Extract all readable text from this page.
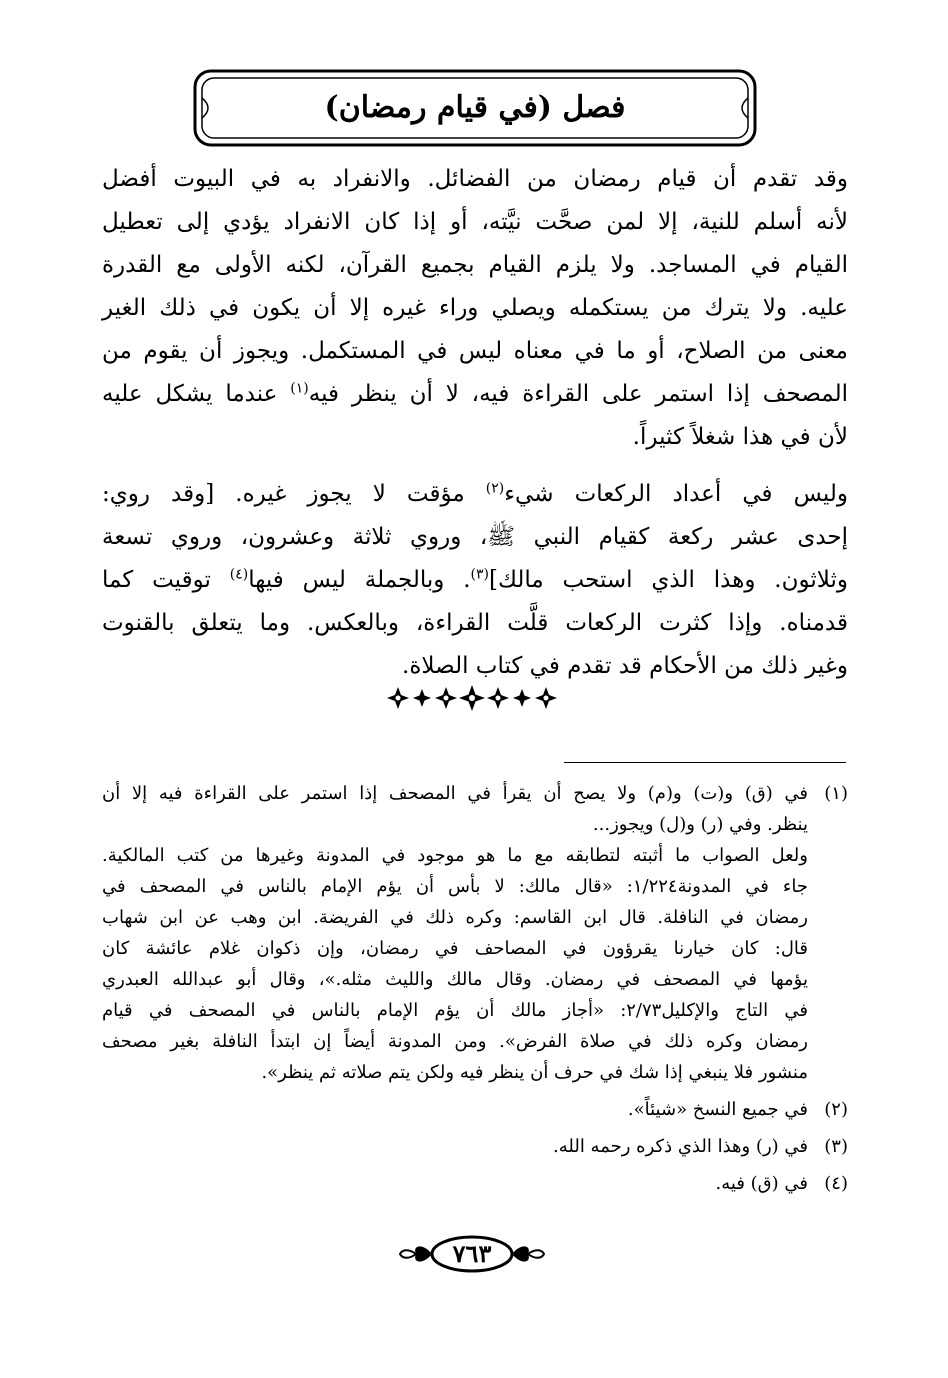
فصل (في قيام رمضان)

وقد تقدم أن قيام رمضان من الفضائل. والانفراد به في البيوت أفضل
لأنه أسلم للنية، إلا لمن صحَّت نيَّته، أو إذا كان الانفراد يؤدي إلى تعطيل
القيام في المساجد. ولا يلزم القيام بجميع القرآن، لكنه الأولى مع القدرة
عليه. ولا يترك من يستكمله ويصلي وراء غيره إلا أن يكون في ذلك الغير
معنى من الصلاح، أو ما في معناه ليس في المستكمل. ويجوز أن يقوم من
المصحف إذا استمر على القراءة فيه، لا أن ينظر فيه$^{(١)}$ عندما يشكل عليه
لأن في هذا شغلاً كثيراً.

وليس في أعداد الركعات شيء$^{(٢)}$ مؤقت لا يجوز غيره. [وقد روي:
إحدى عشر ركعة كقيام النبي ﷺ، وروي ثلاثة وعشرون، وروي تسعة
وثلاثون. وهذا الذي استحب مالك]$^{(٣)}$. وبالجملة ليس فيها$^{(٤)}$ توقيت كما
قدمناه. وإذا كثرت الركعات قلَّت القراءة، وبالعكس. وما يتعلق بالقنوت
وغير ذلك من الأحكام قد تقدم في كتاب الصلاة.

(١)
في (ق) و(ت) و(م) ولا يصح أن يقرأ في المصحف إذا استمر على القراءة فيه إلا أن
ينظر. وفي (ر) و(ل) ويجوز...
ولعل الصواب ما أثبته لتطابقه مع ما هو موجود في المدونة وغيرها من كتب المالكية.
جاء في المدونة١/٢٢٤: «قال مالك: لا بأس أن يؤم الإمام بالناس في المصحف في
رمضان في النافلة. قال ابن القاسم: وكره ذلك في الفريضة. ابن وهب عن ابن شهاب
قال: كان خيارنا يقرؤون في المصاحف في رمضان، وإن ذكوان غلام عائشة كان
يؤمها في المصحف في رمضان. وقال مالك والليث مثله.»، وقال أبو عبدالله العبدري
في التاج والإكليل٢/٧٣: «أجاز مالك أن يؤم الإمام بالناس في المصحف في قيام
رمضان وكره ذلك في صلاة الفرض». ومن المدونة أيضاً إن ابتدأ النافلة بغير مصحف
منشور فلا ينبغي إذا شك في حرف أن ينظر فيه ولكن يتم صلاته ثم ينظر».
(٢)
في جميع النسخ «شيئاً».
(٣)
في (ر) وهذا الذي ذكره رحمه الله.
(٤)
في (ق) فيه.
٧٦٣
